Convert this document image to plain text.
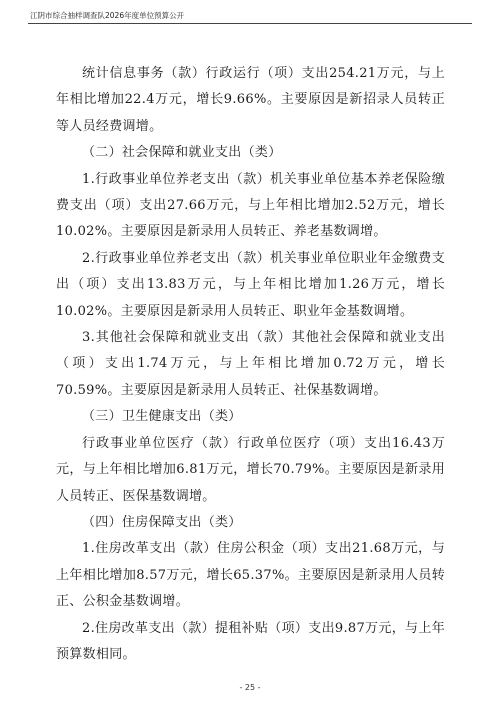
江阴市综合抽样调查队2026年度单位预算公开

统计信息事务（款）行政运行（项）支出254.21万元，与上年相比增加22.4万元，增长9.66%。主要原因是新招录人员转正等人员经费调增。

（二）社会保障和就业支出（类）

1.行政事业单位养老支出（款）机关事业单位基本养老保险缴费支出（项）支出27.66万元，与上年相比增加2.52万元，增长10.02%。主要原因是新录用人员转正、养老基数调增。

2.行政事业单位养老支出（款）机关事业单位职业年金缴费支出（项）支出13.83万元，与上年相比增加1.26万元，增长10.02%。主要原因是新录用人员转正、职业年金基数调增。

3.其他社会保障和就业支出（款）其他社会保障和就业支出（项）支出1.74万元，与上年相比增加0.72万元，增长70.59%。主要原因是新录用人员转正、社保基数调增。

（三）卫生健康支出（类）

行政事业单位医疗（款）行政单位医疗（项）支出16.43万元，与上年相比增加6.81万元，增长70.79%。主要原因是新录用人员转正、医保基数调增。

（四）住房保障支出（类）

1.住房改革支出（款）住房公积金（项）支出21.68万元，与上年相比增加8.57万元，增长65.37%。主要原因是新录用人员转正、公积金基数调增。

2.住房改革支出（款）提租补贴（项）支出9.87万元，与上年预算数相同。

- 25 -
